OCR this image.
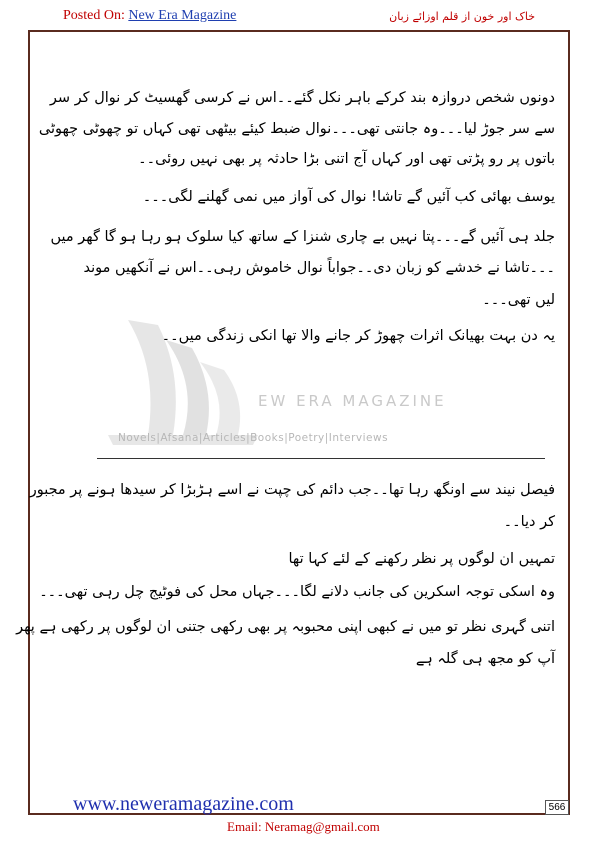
Posted On: New Era Magazine	خاک اور خون از قلم اوزائے زبان
EW ERA MAGAZINE
Novels|Afsana|Articles|Books|Poetry|Interviews
دونوں شخص دروازہ بند کرکے باہر نکل گئے۔۔اس نے کرسی گھسیٹ کر نوال کر سر
سے سر جوڑ لیا۔۔۔وہ جانتی تھی۔۔۔نوال ضبط کیئے بیٹھی تھی کہاں تو چھوٹی چھوٹی
باتوں پر رو پڑتی تھی اور کہاں آج اتنی بڑا حادثہ پر بھی نہیں روئی۔۔
یوسف بھائی کب آئیں گے تاشا! نوال کی آواز میں نمی گھلنے لگی۔۔۔
جلد ہی آئیں گے۔۔۔پتا نہیں بے چاری شنزا کے ساتھ کیا سلوک ہو رہا ہو گا گھر میں
۔۔۔تاشا نے خدشے کو زبان دی۔۔جواباً نوال خاموش رہی۔۔اس نے آنکھیں موند
لیں تھی۔۔۔
یہ دن بہت بھیانک اثرات چھوڑ کر جانے والا تھا انکی زندگی میں۔۔
فیصل نیند سے اونگھ رہا تھا۔۔جب دائم کی چپت نے اسے ہڑبڑا کر سیدھا ہونے پر مجبور
کر دیا۔۔
تمہیں ان لوگوں پر نظر رکھنے کے لئے کہا تھا
وہ اسکی توجہ اسکرین کی جانب دلانے لگا۔۔۔جہاں محل کی فوٹیج چل رہی تھی۔۔۔
اتنی گہری نظر تو میں نے کبھی اپنی محبوبہ پر بھی رکھی جتنی ان لوگوں پر رکھی ہے پھر
آپ کو مجھ ہی گلہ ہے
www.neweramagazine.com	566
Email: Neramag@gmail.com
